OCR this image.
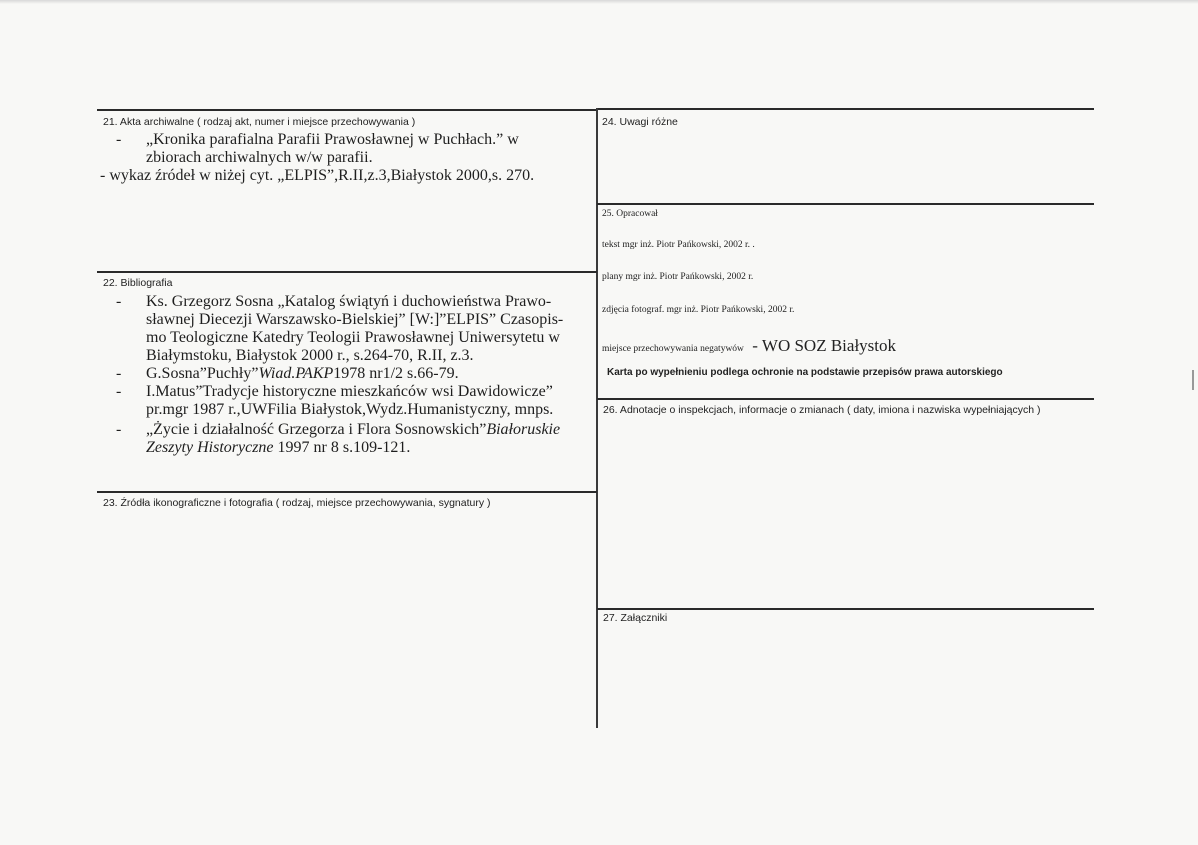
21. Akta archiwalne ( rodzaj akt, numer i miejsce przechowywania )
-	„Kronika parafialna Parafii Prawosławnej w Puchłach.” w
zbiorach archiwalnych w/w parafii.
- wykaz źródeł w niżej cyt. „ELPIS”,R.II,z.3,Białystok 2000,s. 270.
22. Bibliografia
-	Ks. Grzegorz Sosna „Katalog świątyń i duchowieństwa Prawo-
sławnej Diecezji Warszawsko-Bielskiej” [W:]”ELPIS” Czasopis-
mo Teologiczne Katedry Teologii Prawosławnej Uniwersytetu w
Białymstoku, Białystok 2000 r., s.264-70, R.II, z.3.
-	G.Sosna”Puchły”Wiad.PAKP1978 nr1/2 s.66-79.
-	I.Matus”Tradycje historyczne mieszkańców wsi Dawidowicze”
pr.mgr 1987 r.,UWFilia Białystok,Wydz.Humanistyczny, mnps.
-	„Życie i działalność Grzegorza i Flora Sosnowskich”Białoruskie
Zeszyty Historyczne 1997 nr 8 s.109-121.
23. Źródła ikonograficzne i fotografia ( rodzaj, miejsce przechowywania, sygnatury )
24. Uwagi różne
25. Opracował
tekst mgr inż. Piotr Pańkowski, 2002 r. .
plany mgr inż. Piotr Pańkowski, 2002 r.
zdjęcia fotograf. mgr inż. Piotr Pańkowski, 2002 r.
miejsce przechowywania negatywów - WO SOZ Białystok
Karta po wypełnieniu podlega ochronie na podstawie przepisów prawa autorskiego
26. Adnotacje o inspekcjach, informacje o zmianach ( daty, imiona i nazwiska wypełniających )
27. Załączniki
